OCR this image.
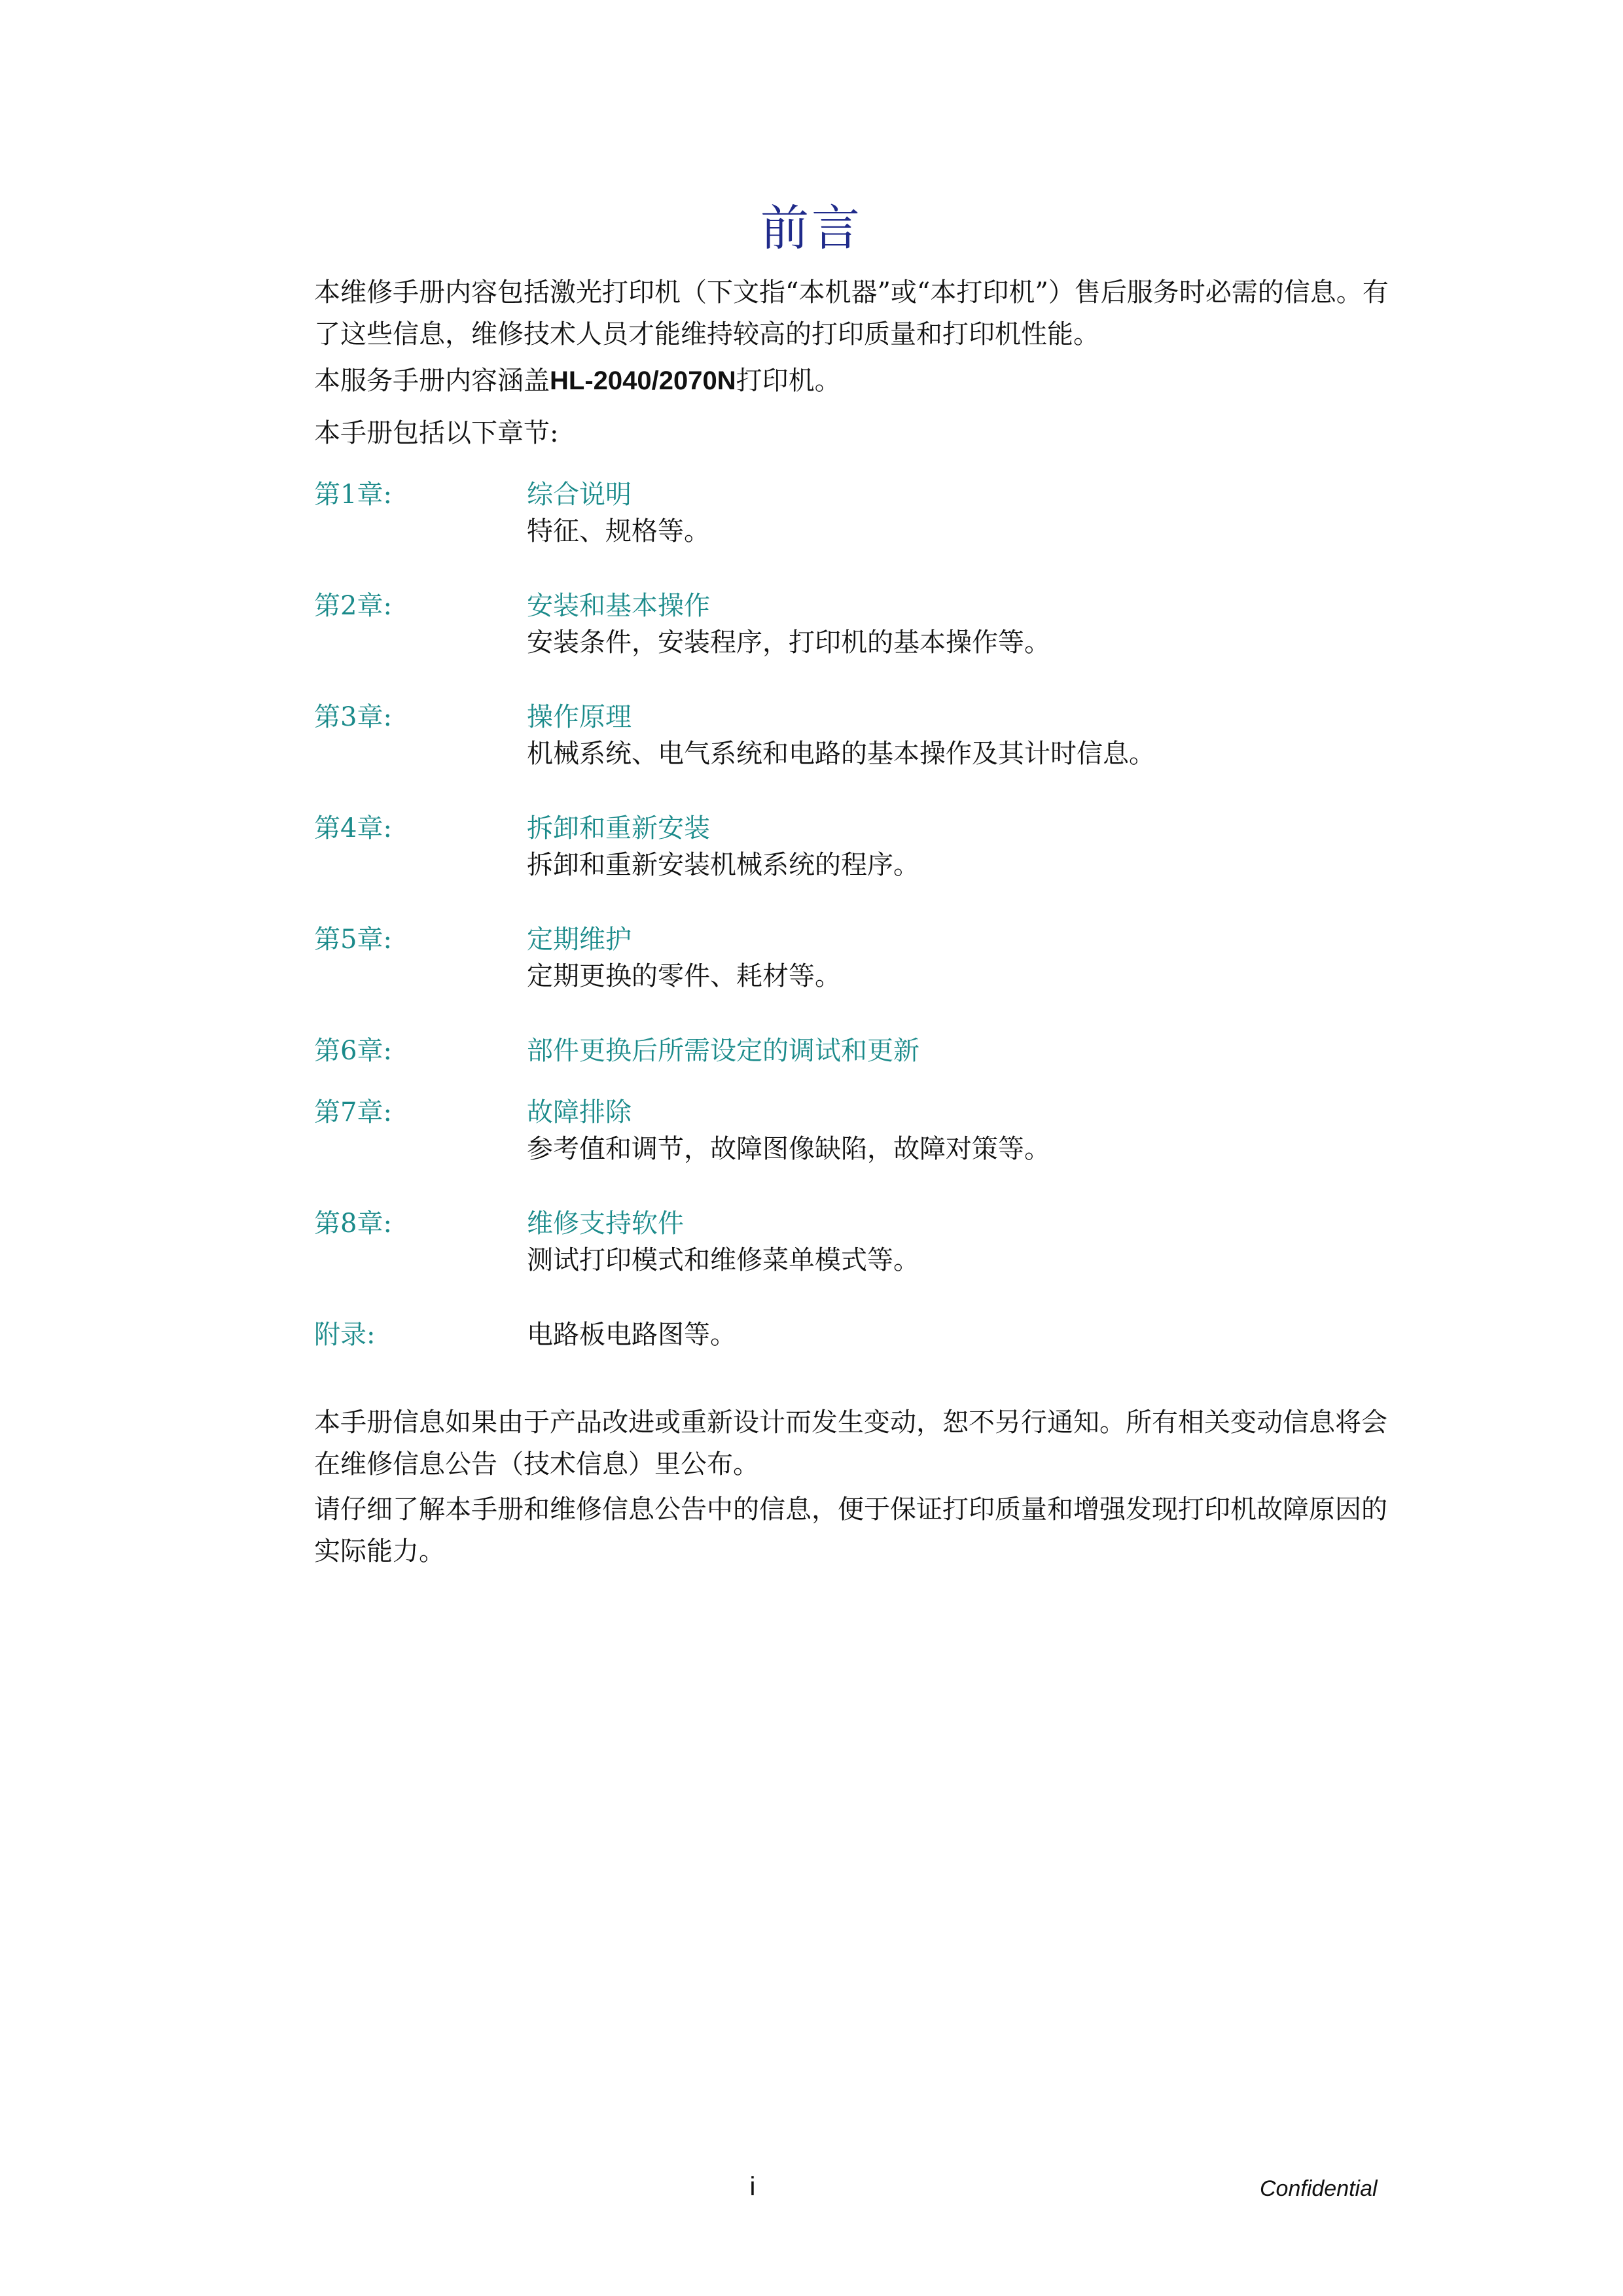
前言

本维修手册内容包括激光打印机（下文指“本机器”或“本打印机”）售后服务时必需的信息。有了这些信息，维修技术人员才能维持较高的打印质量和打印机性能。

本服务手册内容涵盖HL-2040/2070N打印机。

本手册包括以下章节:

第1章:	综合说明
特征、规格等。
第2章:	安装和基本操作
安装条件，安装程序，打印机的基本操作等。
第3章:	操作原理
机械系统、电气系统和电路的基本操作及其计时信息。
第4章:	拆卸和重新安装
拆卸和重新安装机械系统的程序。
第5章:	定期维护
定期更换的零件、耗材等。
第6章:	部件更换后所需设定的调试和更新
第7章:	故障排除
参考值和调节，故障图像缺陷，故障对策等。
第8章:	维修支持软件
测试打印模式和维修菜单模式等。
附录:	电路板电路图等。

本手册信息如果由于产品改进或重新设计而发生变动，恕不另行通知。所有相关变动信息将会在维修信息公告（技术信息）里公布。

请仔细了解本手册和维修信息公告中的信息，便于保证打印质量和增强发现打印机故障原因的实际能力。

i	Confidential
